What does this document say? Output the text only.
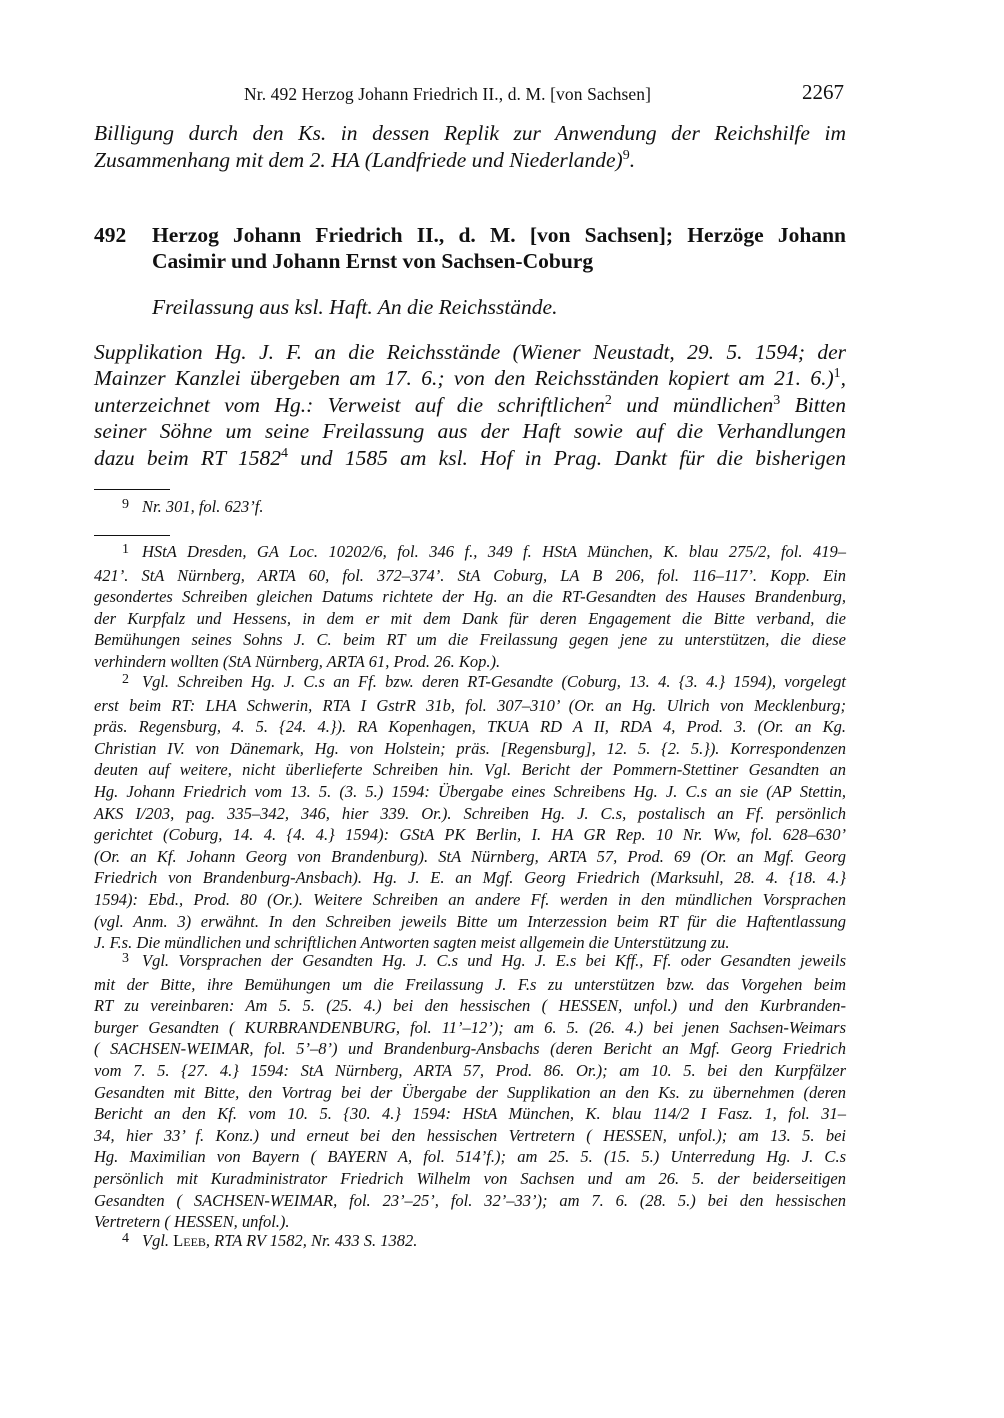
Nr. 492 Herzog Johann Friedrich II., d. M. [von Sachsen]	2267
Billigung durch den Ks. in dessen Replik zur Anwendung der Reichshilfe im
Zusammenhang mit dem 2. HA (Landfriede und Niederlande)$^9$.
492 Herzog Johann Friedrich II., d. M. [von Sachsen]; Herzöge Johann
Casimir und Johann Ernst von Sachsen-Coburg
Freilassung aus ksl. Haft. An die Reichsstände.
Supplikation Hg. J. F. an die Reichsstände (Wiener Neustadt, 29. 5. 1594; der
Mainzer Kanzlei übergeben am 17. 6.; von den Reichsständen kopiert am 21. 6.)$^1$,
unterzeichnet vom Hg.: Verweist auf die schriftlichen$^2$ und mündlichen$^3$ Bitten
seiner Söhne um seine Freilassung aus der Haft sowie auf die Verhandlungen
dazu beim RT 1582$^4$ und 1585 am ksl. Hof in Prag. Dankt für die bisherigen
9 Nr. 301, fol. 623’f.
1 HStA Dresden, GA Loc. 10202/6, fol. 346 f., 349 f. HStA München, K. blau 275/2, fol. 419–
421’. StA Nürnberg, ARTA 60, fol. 372–374’. StA Coburg, LA B 206, fol. 116–117’. Kopp. Ein
gesondertes Schreiben gleichen Datums richtete der Hg. an die RT-Gesandten des Hauses Brandenburg,
der Kurpfalz und Hessens, in dem er mit dem Dank für deren Engagement die Bitte verband, die
Bemühungen seines Sohns J. C. beim RT um die Freilassung gegen jene zu unterstützen, die diese
verhindern wollten (StA Nürnberg, ARTA 61, Prod. 26. Kop.).
2 Vgl. Schreiben Hg. J. C.s an Ff. bzw. deren RT-Gesandte (Coburg, 13. 4. {3. 4.} 1594), vorgelegt
erst beim RT: LHA Schwerin, RTA I GstrR 31b, fol. 307–310’ (Or. an Hg. Ulrich von Mecklenburg;
präs. Regensburg, 4. 5. {24. 4.}). RA Kopenhagen, TKUA RD A II, RDA 4, Prod. 3. (Or. an Kg.
Christian IV. von Dänemark, Hg. von Holstein; präs. [Regensburg], 12. 5. {2. 5.}). Korrespondenzen
deuten auf weitere, nicht überlieferte Schreiben hin. Vgl. Bericht der Pommern-Stettiner Gesandten an
Hg. Johann Friedrich vom 13. 5. (3. 5.) 1594: Übergabe eines Schreibens Hg. J. C.s an sie (AP Stettin,
AKS I/203, pag. 335–342, 346, hier 339. Or.). Schreiben Hg. J. C.s, postalisch an Ff. persönlich
gerichtet (Coburg, 14. 4. {4. 4.} 1594): GStA PK Berlin, I. HA GR Rep. 10 Nr. Ww, fol. 628–630’
(Or. an Kf. Johann Georg von Brandenburg). StA Nürnberg, ARTA 57, Prod. 69 (Or. an Mgf. Georg
Friedrich von Brandenburg-Ansbach). Hg. J. E. an Mgf. Georg Friedrich (Marksuhl, 28. 4. {18. 4.}
1594): Ebd., Prod. 80 (Or.). Weitere Schreiben an andere Ff. werden in den mündlichen Vorsprachen
(vgl. Anm. 3) erwähnt. In den Schreiben jeweils Bitte um Interzession beim RT für die Haftentlassung
J. F.s. Die mündlichen und schriftlichen Antworten sagten meist allgemein die Unterstützung zu.
3 Vgl. Vorsprachen der Gesandten Hg. J. C.s und Hg. J. E.s bei Kff., Ff. oder Gesandten jeweils
mit der Bitte, ihre Bemühungen um die Freilassung J. F.s zu unterstützen bzw. das Vorgehen beim
RT zu vereinbaren: Am 5. 5. (25. 4.) bei den hessischen ( HESSEN, unfol.) und den Kurbranden-
burger Gesandten ( KURBRANDENBURG, fol. 11’–12’); am 6. 5. (26. 4.) bei jenen Sachsen-Weimars
( SACHSEN-WEIMAR, fol. 5’–8’) und Brandenburg-Ansbachs (deren Bericht an Mgf. Georg Friedrich
vom 7. 5. {27. 4.} 1594: StA Nürnberg, ARTA 57, Prod. 86. Or.); am 10. 5. bei den Kurpfälzer
Gesandten mit Bitte, den Vortrag bei der Übergabe der Supplikation an den Ks. zu übernehmen (deren
Bericht an den Kf. vom 10. 5. {30. 4.} 1594: HStA München, K. blau 114/2 I Fasz. 1, fol. 31–
34, hier 33’ f. Konz.) und erneut bei den hessischen Vertretern ( HESSEN, unfol.); am 13. 5. bei
Hg. Maximilian von Bayern ( BAYERN A, fol. 514’f.); am 25. 5. (15. 5.) Unterredung Hg. J. C.s
persönlich mit Kuradministrator Friedrich Wilhelm von Sachsen und am 26. 5. der beiderseitigen
Gesandten ( SACHSEN-WEIMAR, fol. 23’–25’, fol. 32’–33’); am 7. 6. (28. 5.) bei den hessischen
Vertretern ( HESSEN, unfol.).
4 Vgl. Leeb, RTA RV 1582, Nr. 433 S. 1382.
